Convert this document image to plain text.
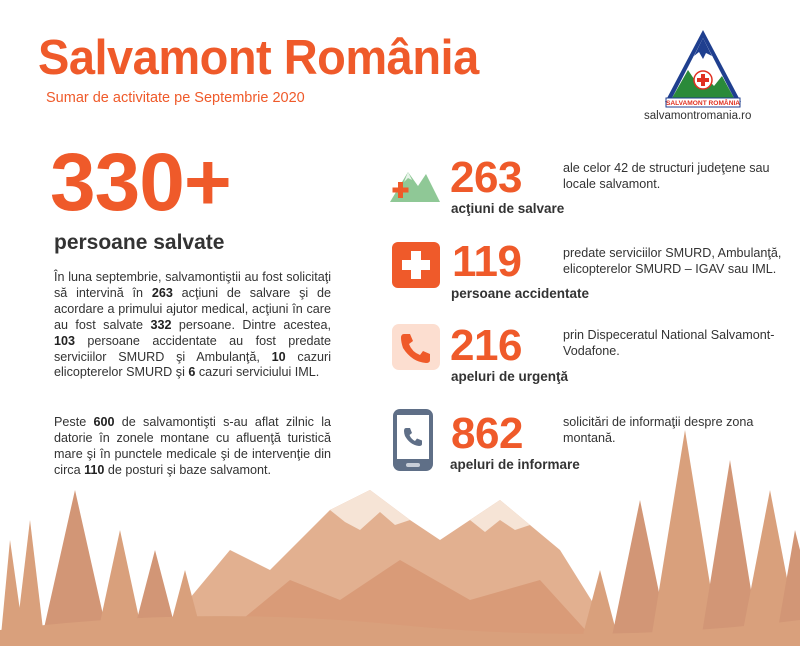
Salvamont România
Sumar de activitate pe Septembrie 2020	SALVAMONT ROMÂNIA
salvamontromania.ro
330+
persoane salvate
În luna septembrie, salvamontiştii au fost solicitaţi să intervină în 263 acţiuni de salvare şi de acordare a primului ajutor medical, acţiuni în care au fost salvate 332 persoane. Dintre acestea, 103 persoane accidentate au fost predate serviciilor SMURD şi Ambulanţă, 10 cazuri elicopterelor SMURD şi 6 cazuri serviciului IML.
Peste 600 de salvamontişti s-au aflat zilnic la datorie în zonele montane cu afluenţă turistică mare şi în punctele medicale şi de intervenţie din circa 110 de posturi şi baze salvamont.
263
acţiuni de salvare
ale celor 42 de structuri judeţene sau locale salvamont.
119
persoane accidentate
predate serviciilor SMURD, Ambulanţă, elicopterelor SMURD – IGAV sau IML.
216
apeluri de urgenţă
prin Dispeceratul National Salvamont-Vodafone.
862
apeluri de informare
solicitări de informaţii despre zona montană.
